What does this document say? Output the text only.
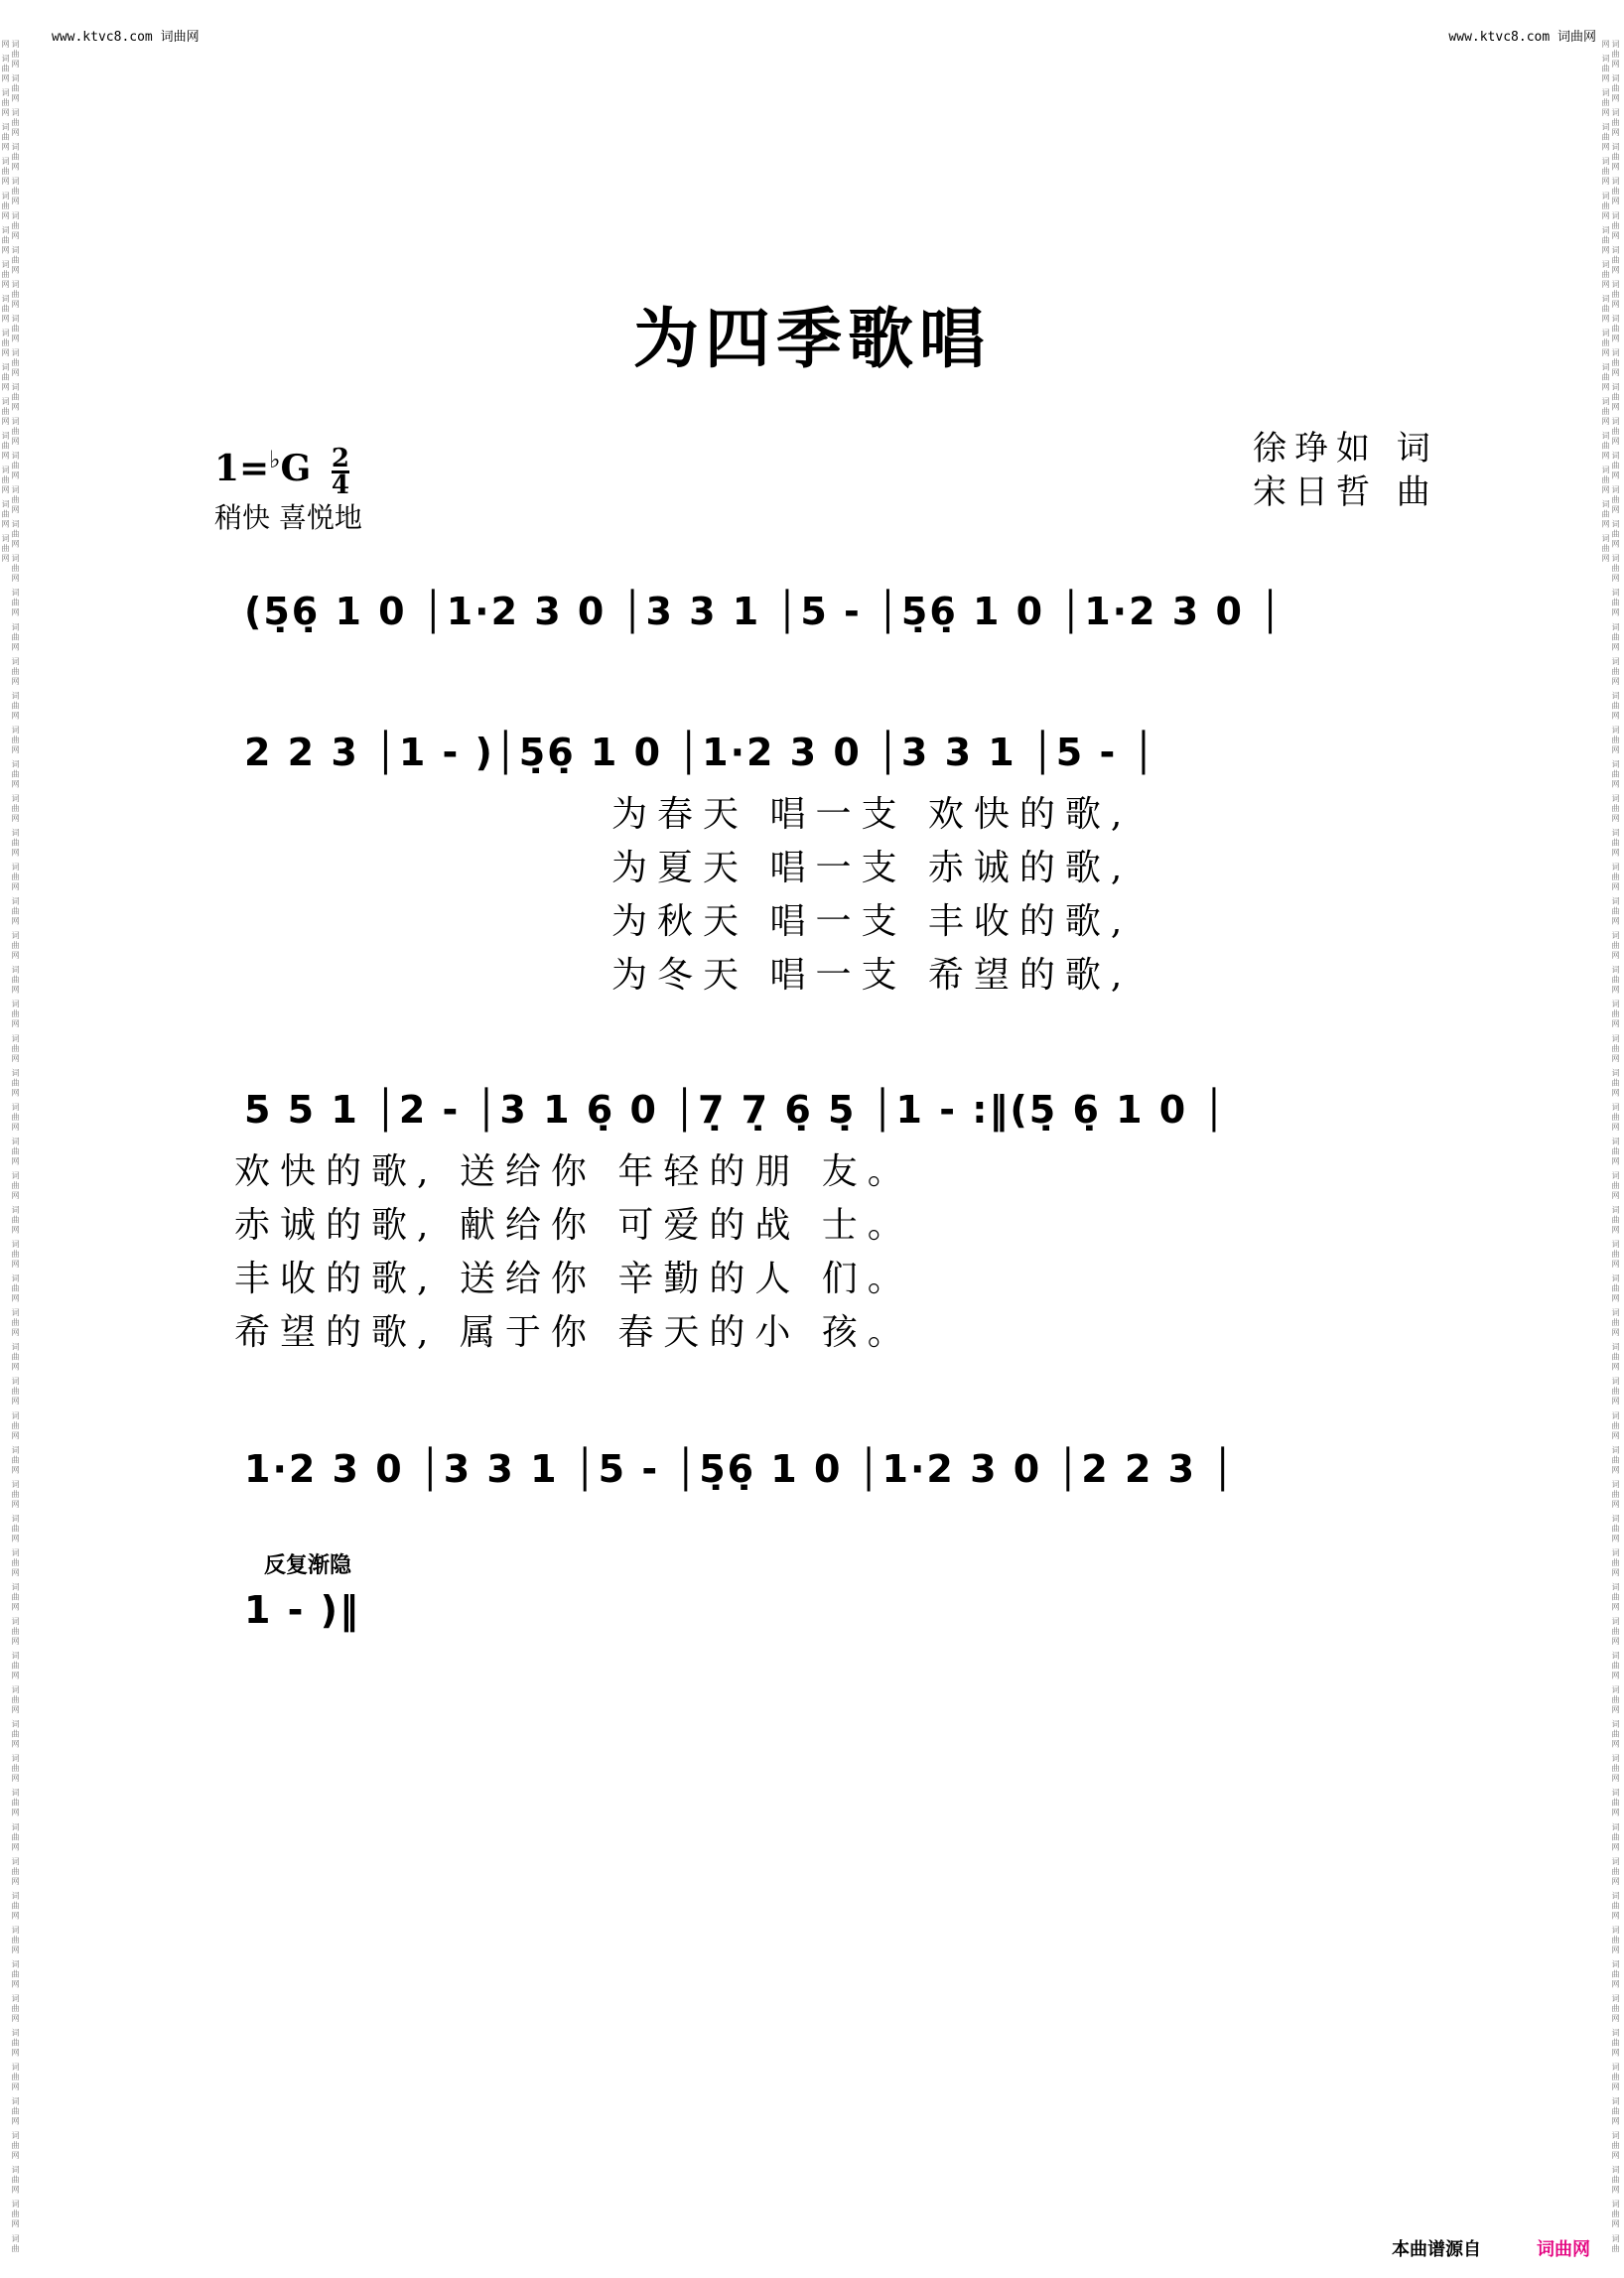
www.ktvc8.com 词曲网	www.ktvc8.com 词曲网
词曲网 词曲网 词曲网 词曲网 词曲网 词曲网 词曲网 词曲网 词曲网 词曲网 词曲网 词曲网 词曲网 词曲网 词曲网 词曲网 词曲网 词曲网 词曲网 词曲网 词曲网 词曲网 词曲网 词曲网 词曲网 词曲网 词曲网 词曲网 词曲网 词曲网 词曲网 词曲网 词曲网 词曲网 词曲网 词曲网 词曲网 词曲网 词曲网 词曲网 词曲网 词曲网 词曲网 词曲网 词曲网 词曲网 词曲网 词曲网 词曲网 词曲网 词曲网 词曲网 词曲网 词曲网 词曲网 词曲网 词曲网 词曲网 词曲网 词曲网 词曲网 词曲网 词曲网 词曲网 词曲网 词曲网 词曲网 词曲网 词曲网 词曲网 词曲网 词曲网 词曲网 词曲网 词曲网 词曲网 词曲网 词曲网 词曲网 词曲网	词曲网 词曲网 词曲网 词曲网 词曲网 词曲网 词曲网 词曲网 词曲网 词曲网 词曲网 词曲网 词曲网 词曲网 词曲网 词曲网 词曲网 词曲网 词曲网 词曲网 词曲网 词曲网 词曲网 词曲网 词曲网 词曲网 词曲网 词曲网 词曲网 词曲网 词曲网 词曲网 词曲网 词曲网 词曲网 词曲网 词曲网 词曲网 词曲网 词曲网 词曲网 词曲网 词曲网 词曲网 词曲网 词曲网 词曲网 词曲网 词曲网 词曲网 词曲网 词曲网 词曲网 词曲网 词曲网 词曲网 词曲网 词曲网 词曲网 词曲网 词曲网 词曲网 词曲网 词曲网 词曲网 词曲网 词曲网 词曲网 词曲网 词曲网 词曲网 词曲网 词曲网 词曲网 词曲网 词曲网 词曲网 词曲网 词曲网 词曲网
为四季歌唱
$1=^♭G \frac{2}{4}$
稍快 喜悦地
徐琤如 词
宋日哲 曲
(5̣6̣ 1 0 │1·2 3 0 │3 3 1 │5 - │5̣6̣ 1 0 │1·2 3 0 │
2 2 3 │1 - )│5̣6̣ 1 0 │1·2 3 0 │3 3 1 │5 - │
为春天 唱一支 欢快的歌,
为夏天 唱一支 赤诚的歌,
为秋天 唱一支 丰收的歌,
为冬天 唱一支 希望的歌,
5 5 1 │2 - │3 1 6̣ 0 │7̣ 7̣ 6̣ 5̣ │1 - :‖(5̣ 6̣ 1 0 │
欢快的歌, 送给你 年轻的朋 友。
赤诚的歌, 献给你 可爱的战 士。
丰收的歌, 送给你 辛勤的人 们。
希望的歌, 属于你 春天的小 孩。
1·2 3 0 │3 3 1 │5 - │5̣6̣ 1 0 │1·2 3 0 │2 2 3 │
反复渐隐
1 - )‖
本曲谱源自	词曲网
